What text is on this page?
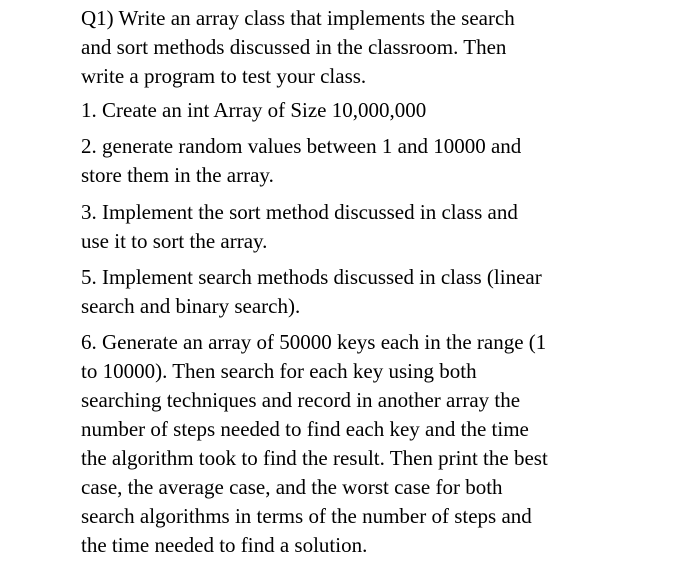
Q1) Write an array class that implements the search
and sort methods discussed in the classroom. Then
write a program to test your class.

1. Create an int Array of Size 10,000,000

2. generate random values between 1 and 10000 and
store them in the array.

3. Implement the sort method discussed in class and
use it to sort the array.

5. Implement search methods discussed in class (linear
search and binary search).

6. Generate an array of 50000 keys each in the range (1
to 10000). Then search for each key using both
searching techniques and record in another array the
number of steps needed to find each key and the time
the algorithm took to find the result. Then print the best
case, the average case, and the worst case for both
search algorithms in terms of the number of steps and
the time needed to find a solution.
